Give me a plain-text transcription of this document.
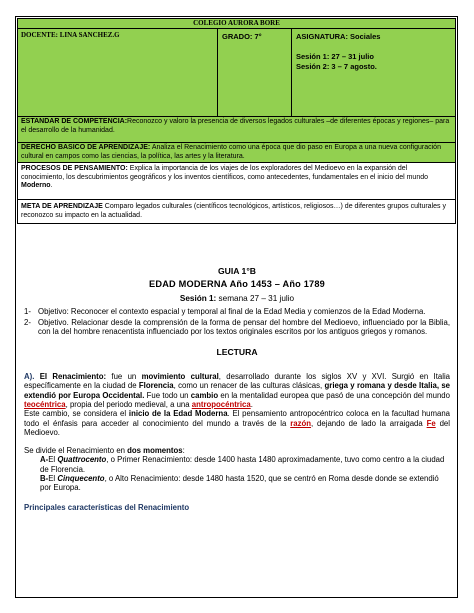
COLEGIO AURORA BORE
DOCENTE: LINA SANCHEZ.G	GRADO: 7°	ASIGNATURA: Sociales
Sesión 1: 27 – 31 julio
Sesión 2: 3 – 7 agosto.

ESTANDAR DE COMPETENCIA:Reconozco y valoro la presencia de diversos legados culturales –de diferentes épocas y regiones– para el desarrollo de la humanidad.
DERECHO BASICO DE APRENDIZAJE: Analiza el Renacimiento como una época que dio paso en Europa a una nueva configuración cultural en campos como las ciencias, la política, las artes y la literatura.
PROCESOS DE PENSAMIENTO: Explica la importancia de los viajes de los exploradores del Medioevo en la expansión del conocimiento, los descubrimientos geográficos y los inventos científicos, como antecedentes, fundamentales en el inicio del mundo Moderno.
META DE APRENDIZAJE Comparo legados culturales (científicos tecnológicos, artísticos, religiosos…) de diferentes grupos culturales y reconozco su impacto en la actualidad.
GUIA 1°B
EDAD MODERNA Año 1453 – Año 1789
Sesión 1: semana 27 – 31 julio
1- Objetivo: Reconocer el contexto espacial y temporal al final de la Edad Media y comienzos de la Edad Moderna.
2- Objetivo. Relacionar desde la comprensión de la forma de pensar del hombre del Medioevo, influenciado por la Biblia, con la del hombre renacentista influenciado por los textos originales escritos por los antiguos griegos y romanos.
LECTURA

A). El Renacimiento: fue un movimiento cultural, desarrollado durante los siglos XV y XVI. Surgió en Italia específicamente en la ciudad de Florencia, como un renacer de las culturas clásicas, griega y romana y desde Italia, se extendió por Europa Occidental. Fue todo un cambio en la mentalidad europea que pasó de una concepción del mundo teocéntrica, propia del periodo medieval, a una antropocéntrica.

Este cambio, se considera el inicio de la Edad Moderna. El pensamiento antropocéntrico coloca en la facultad humana todo el énfasis para acceder al conocimiento del mundo a través de la razón, dejando de lado la arraigada Fe del Medioevo.

Se divide el Renacimiento en dos momentos:

A-El Quattrocento, o Primer Renacimiento: desde 1400 hasta 1480 aproximadamente, tuvo como centro a la ciudad de Florencia.

B-El Cinquecento, o Alto Renacimiento: desde 1480 hasta 1520, que se centró en Roma desde donde se extendió por Europa.

Principales características del Renacimiento
